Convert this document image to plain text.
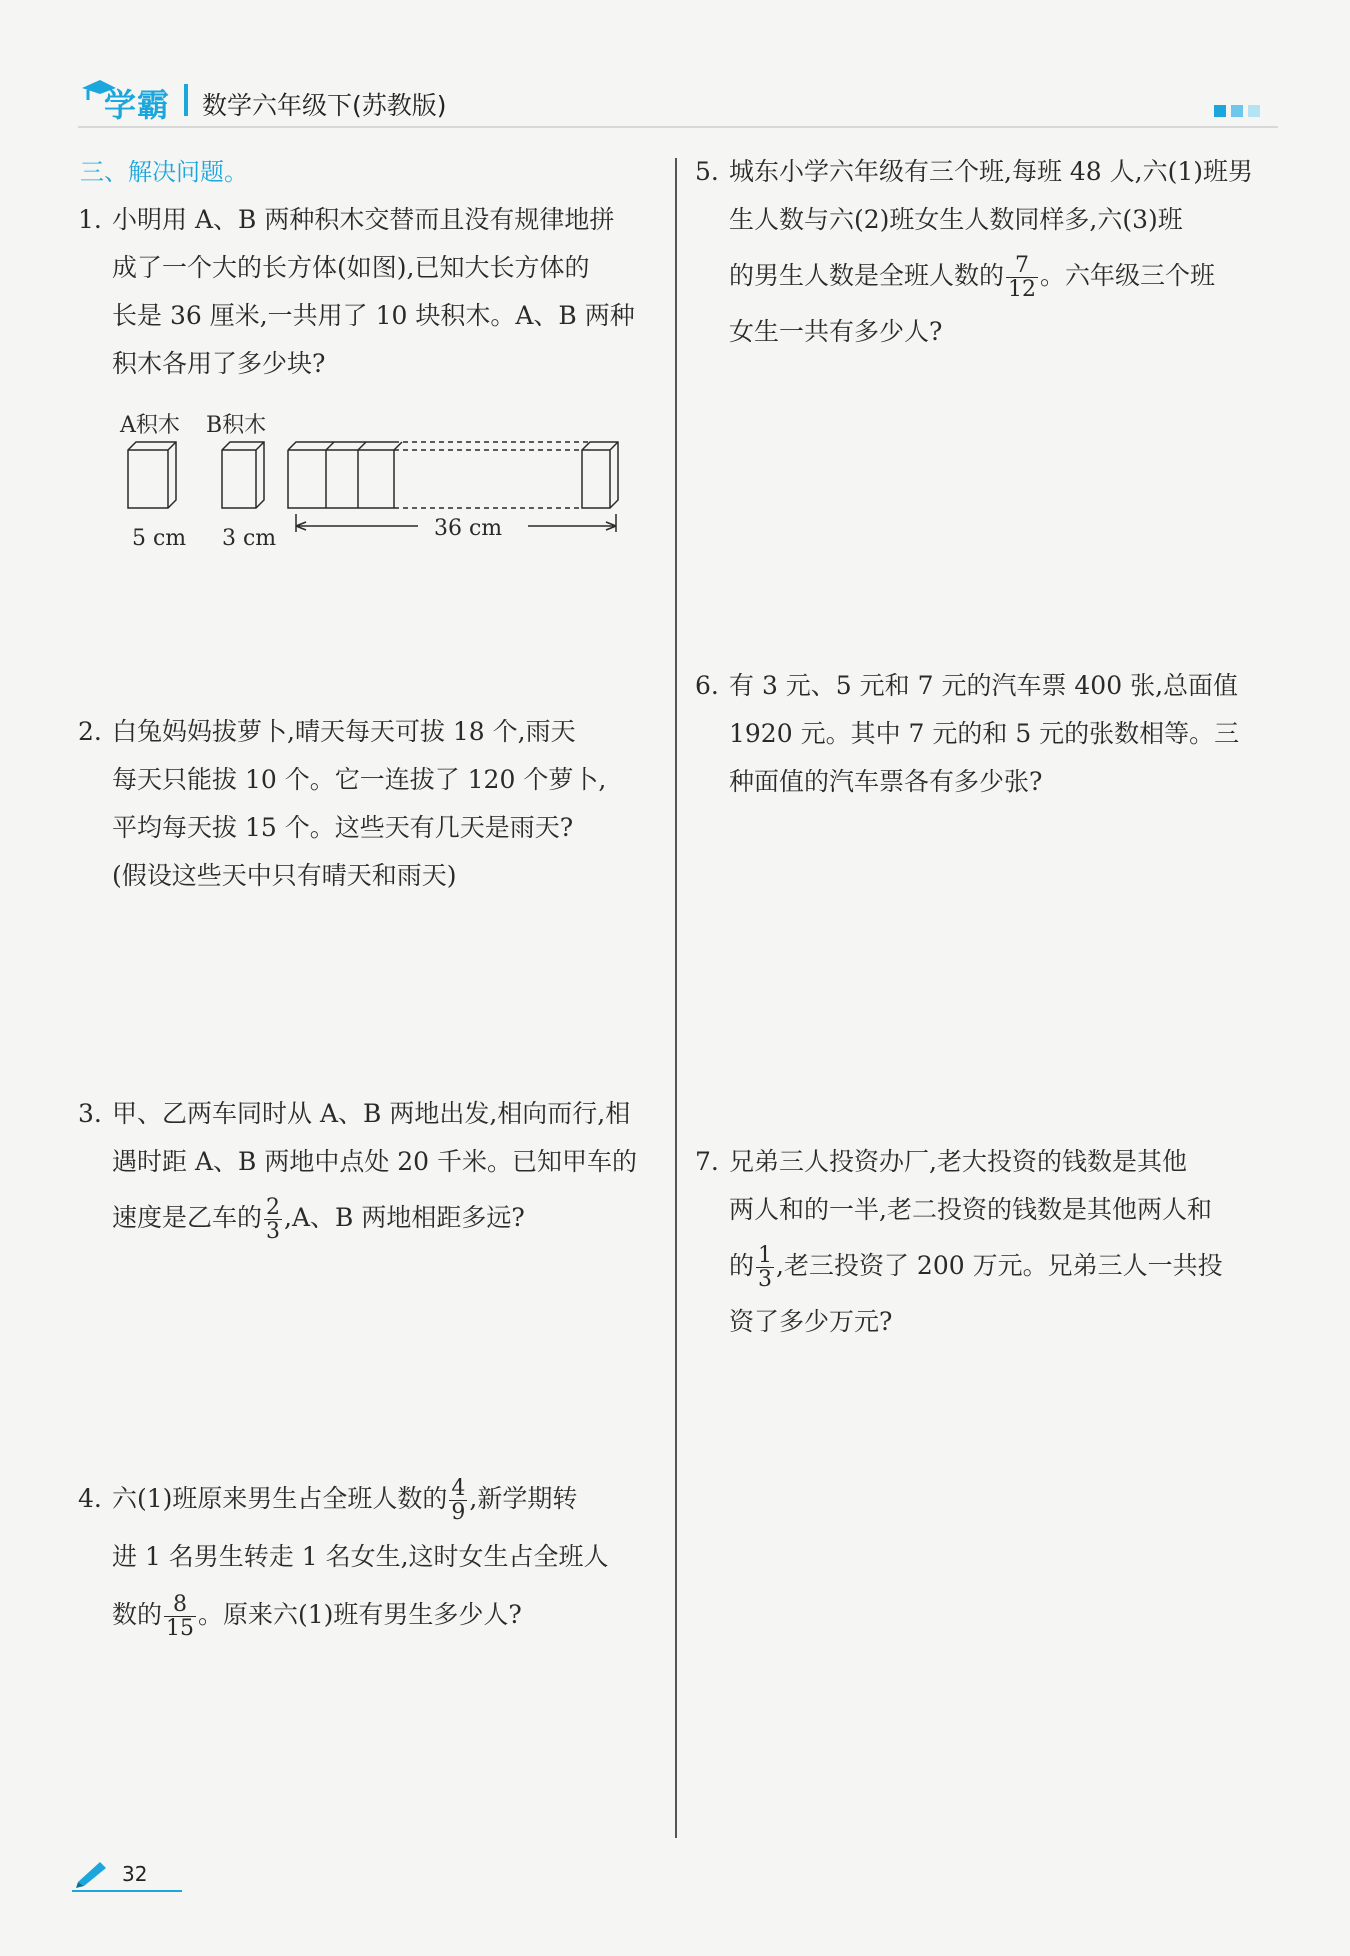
学霸 数学六年级下(苏教版)
三、解决问题。
1. 小明用 A、B 两种积木交替而且没有规律地拼
成了一个大的长方体(如图),已知大长方体的
长是 36 厘米,一共用了 10 块积木。A、B 两种
积木各用了多少块?
A积木 B积木
5 cm 3 cm	36 cm
2. 白兔妈妈拔萝卜,晴天每天可拔 18 个,雨天
每天只能拔 10 个。它一连拔了 120 个萝卜,
平均每天拔 15 个。这些天有几天是雨天?
(假设这些天中只有晴天和雨天)
3. 甲、乙两车同时从 A、B 两地出发,相向而行,相
遇时距 A、B 两地中点处 20 千米。已知甲车的
速度是乙车的 $\frac{2}{3} ,A$、B 两地相距多远?
4. 六(1)班原来男生占全班人数的 $\frac{4}{9}$ ,新学期转
进 1 名男生转走 1 名女生,这时女生占全班人
数的 $\frac{8}{15}$ 。原来六(1)班有男生多少人?
5. 城东小学六年级有三个班,每班 48 人,六(1)班男
生人数与六(2)班女生人数同样多,六(3)班
的男生人数是全班人数的 $\frac{7}{12}$ 。六年级三个班
女生一共有多少人?
6. 有 3 元、5 元和 7 元的汽车票 400 张,总面值
1920 元。其中 7 元的和 5 元的张数相等。三
种面值的汽车票各有多少张?
7. 兄弟三人投资办厂,老大投资的钱数是其他
两人和的一半,老二投资的钱数是其他两人和
的 $\frac{1}{3}$ ,老三投资了 200 万元。兄弟三人一共投
资了多少万元?
32
